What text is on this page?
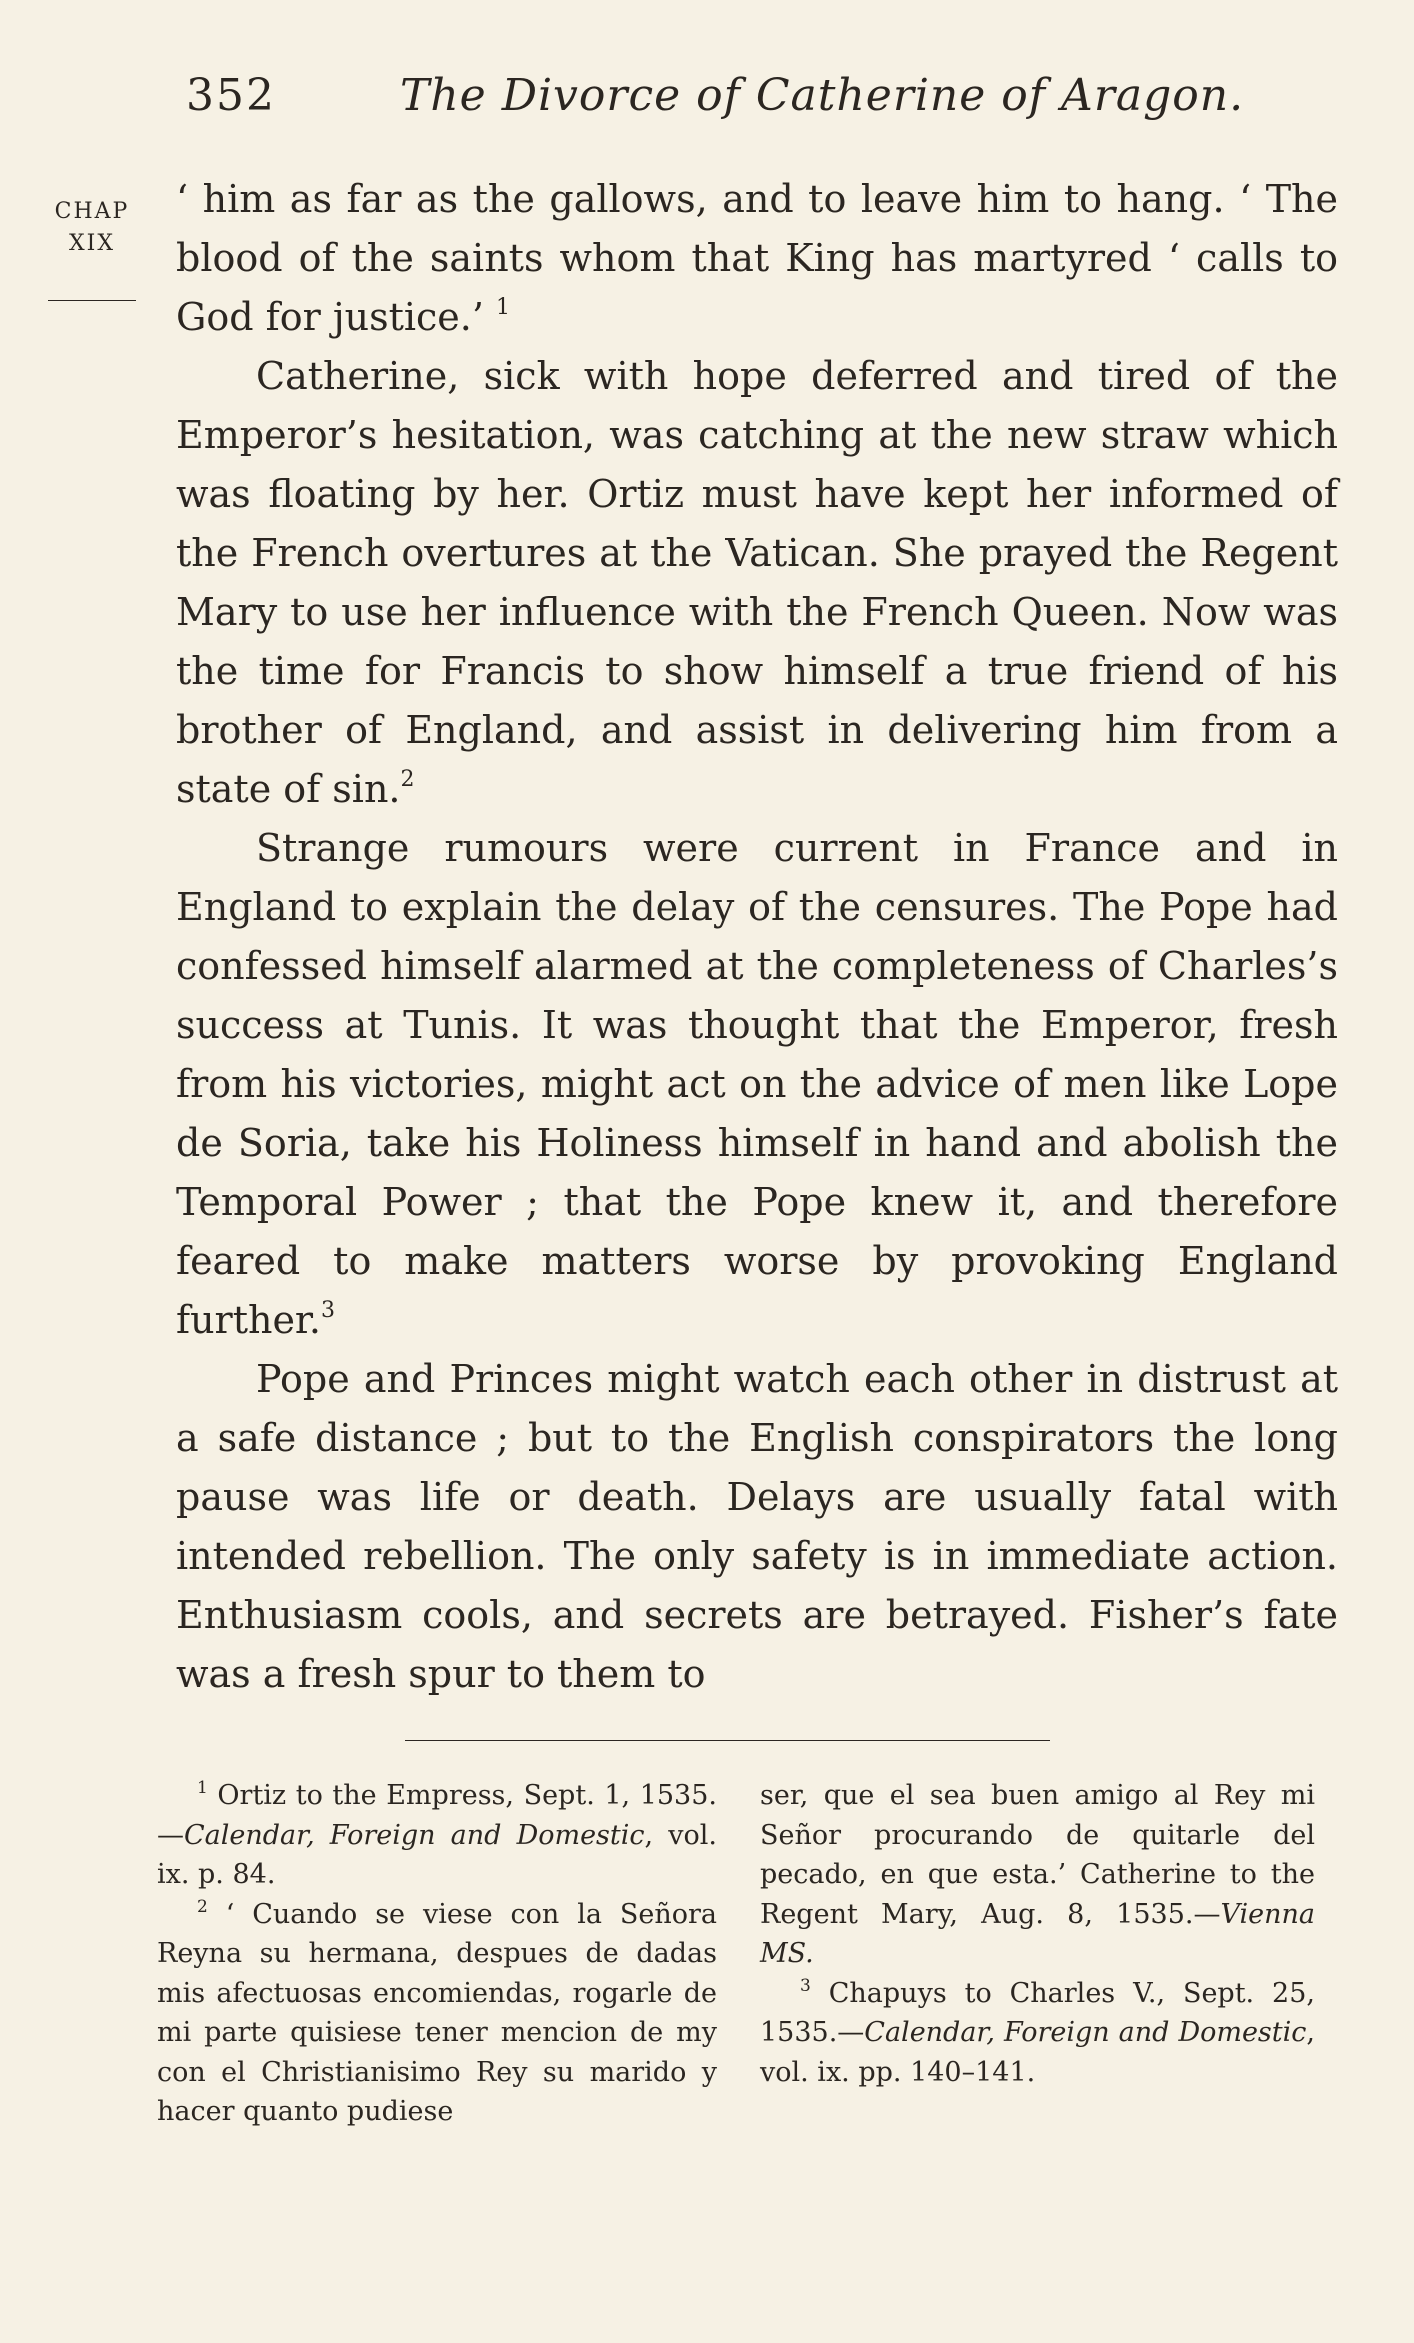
352	The Divorce of Catherine of Aragon.
CHAP
XIX

‘ him as far as the gallows, and to leave him to hang. ‘ The blood of the saints whom that King has martyred ‘ calls to God for justice.’ $^1$

Catherine, sick with hope deferred and tired of the Emperor’s hesitation, was catching at the new straw which was floating by her. Ortiz must have kept her informed of the French overtures at the Vatican. She prayed the Regent Mary to use her influence with the French Queen. Now was the time for Francis to show himself a true friend of his brother of England, and assist in delivering him from a state of sin.$^2$

Strange rumours were current in France and in England to explain the delay of the censures. The Pope had confessed himself alarmed at the completeness of Charles’s success at Tunis. It was thought that the Emperor, fresh from his victories, might act on the advice of men like Lope de Soria, take his Holiness himself in hand and abolish the Temporal Power ; that the Pope knew it, and therefore feared to make matters worse by provoking England further.$^3$

Pope and Princes might watch each other in distrust at a safe distance ; but to the English conspirators the long pause was life or death. Delays are usually fatal with intended rebellion. The only safety is in immediate action. Enthusiasm cools, and secrets are betrayed. Fisher’s fate was a fresh spur to them to

$^1$ Ortiz to the Empress, Sept. 1, 1535.—Calendar, Foreign and Domestic, vol. ix. p. 84.

$^2$ ‘ Cuando se viese con la Señora Reyna su hermana, despues de dadas mis afectuosas encomiendas, rogarle de mi parte quisiese tener mencion de my con el Christianisimo Rey su marido y hacer quanto pudiese

ser, que el sea buen amigo al Rey mi Señor procurando de quitarle del pecado, en que esta.’ Catherine to the Regent Mary, Aug. 8, 1535.—Vienna MS.

$^3$ Chapuys to Charles V., Sept. 25, 1535.—Calendar, Foreign and Domestic, vol. ix. pp. 140–141.
